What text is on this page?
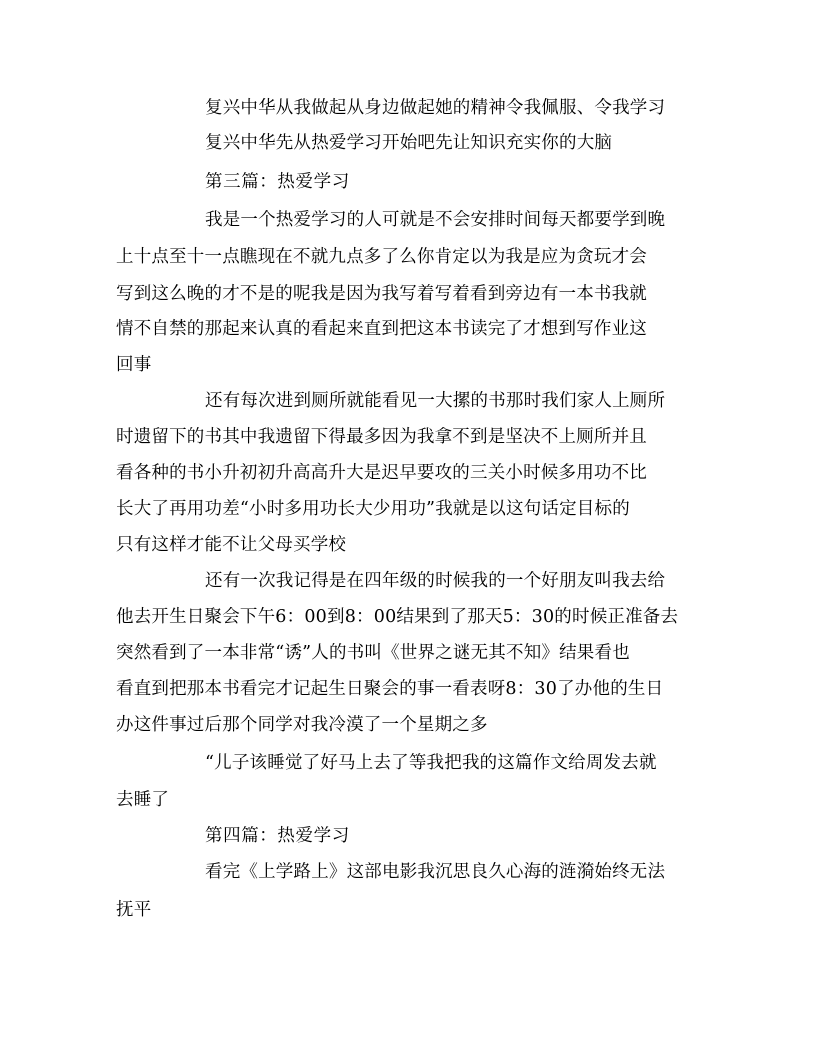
复兴中华从我做起从身边做起她的精神令我佩服、令我学习
复兴中华先从热爱学习开始吧先让知识充实你的大脑
第三篇：热爱学习
我是一个热爱学习的人可就是不会安排时间每天都要学到晚
上十点至十一点瞧现在不就九点多了么你肯定以为我是应为贪玩才会
写到这么晚的才不是的呢我是因为我写着写着看到旁边有一本书我就
情不自禁的那起来认真的看起来直到把这本书读完了才想到写作业这
回事
还有每次进到厕所就能看见一大摞的书那时我们家人上厕所
时遗留下的书其中我遗留下得最多因为我拿不到是坚决不上厕所并且
看各种的书小升初初升高高升大是迟早要攻的三关小时候多用功不比
长大了再用功差“小时多用功长大少用功”我就是以这句话定目标的
只有这样才能不让父母买学校
还有一次我记得是在四年级的时候我的一个好朋友叫我去给
他去开生日聚会下午6：00到8：00结果到了那天5：30的时候正准备去
突然看到了一本非常“诱”人的书叫《世界之谜无其不知》结果看也
看直到把那本书看完才记起生日聚会的事一看表呀8：30了办他的生日
办这件事过后那个同学对我冷漠了一个星期之多
“儿子该睡觉了好马上去了等我把我的这篇作文给周发去就
去睡了
第四篇：热爱学习
看完《上学路上》这部电影我沉思良久心海的涟漪始终无法
抚平
